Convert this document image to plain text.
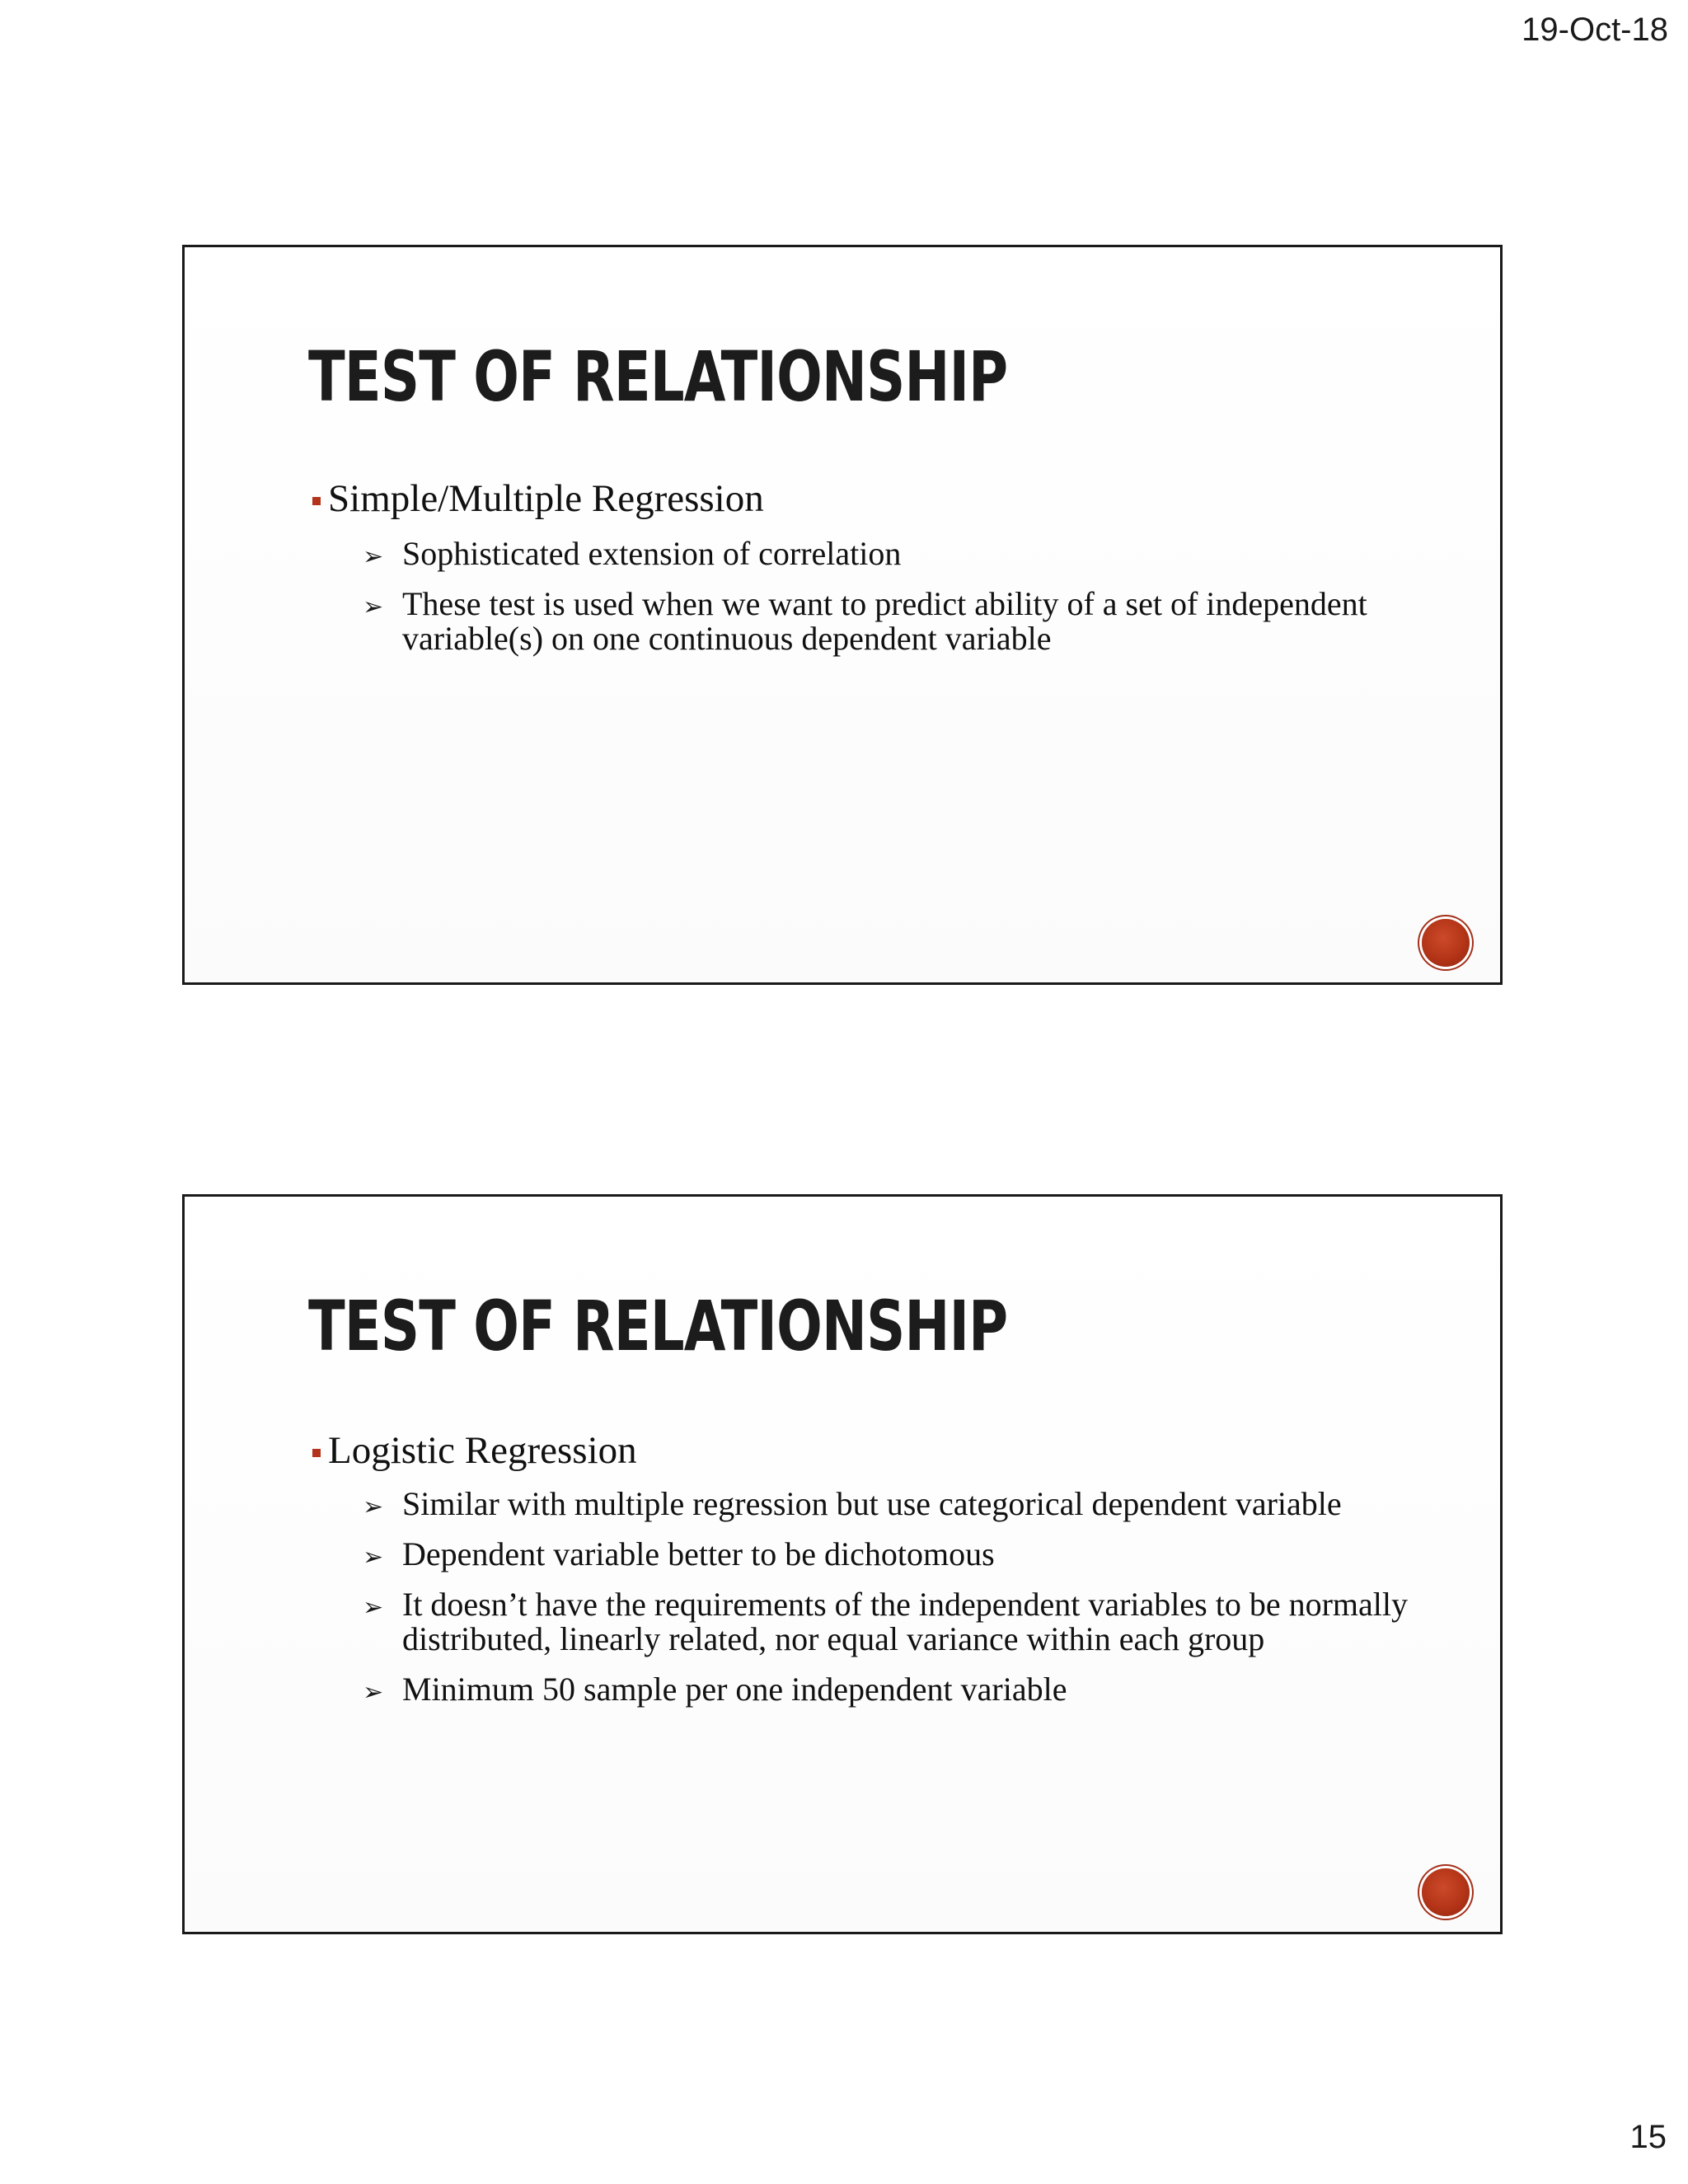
19-Oct-18
TEST OF RELATIONSHIP
Simple/Multiple Regression
➢ Sophisticated extension of correlation
➢ These test is used when we want to predict ability of a set of independent variable(s) on one continuous dependent variable
TEST OF RELATIONSHIP
Logistic Regression
➢ Similar with multiple regression but use categorical dependent variable
➢ Dependent variable better to be dichotomous
➢ It doesn’t have the requirements of the independent variables to be normally distributed, linearly related, nor equal variance within each group
➢ Minimum 50 sample per one independent variable
15
